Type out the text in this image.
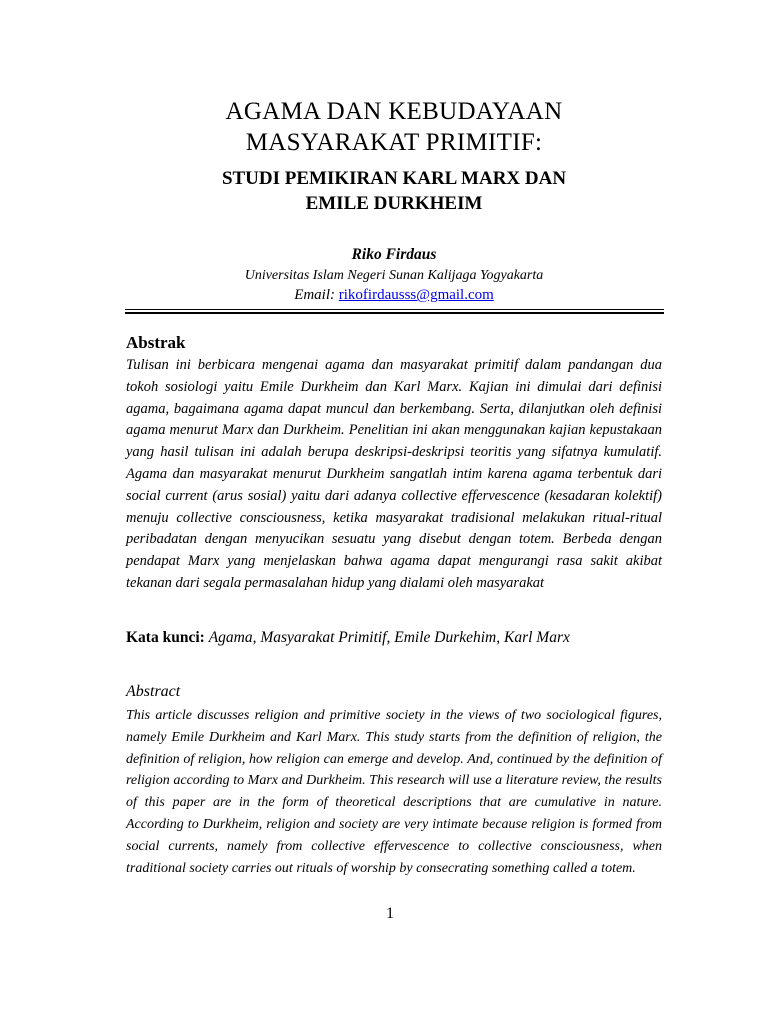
AGAMA DAN KEBUDAYAAN
MASYARAKAT PRIMITIF:
STUDI PEMIKIRAN KARL MARX DAN
EMILE DURKHEIM
Riko Firdaus
Universitas Islam Negeri Sunan Kalijaga Yogyakarta
Email: rikofirdausss@gmail.com
Abstrak

Tulisan ini berbicara mengenai agama dan masyarakat primitif dalam pandangan dua tokoh sosiologi yaitu Emile Durkheim dan Karl Marx. Kajian ini dimulai dari definisi agama, bagaimana agama dapat muncul dan berkembang. Serta, dilanjutkan oleh definisi agama menurut Marx dan Durkheim. Penelitian ini akan menggunakan kajian kepustakaan yang hasil tulisan ini adalah berupa deskripsi-deskripsi teoritis yang sifatnya kumulatif. Agama dan masyarakat menurut Durkheim sangatlah intim karena agama terbentuk dari social current (arus sosial) yaitu dari adanya collective effervescence (kesadaran kolektif) menuju collective consciousness, ketika masyarakat tradisional melakukan ritual-ritual peribadatan dengan menyucikan sesuatu yang disebut dengan totem. Berbeda dengan pendapat Marx yang menjelaskan bahwa agama dapat mengurangi rasa sakit akibat tekanan dari segala permasalahan hidup yang dialami oleh masyarakat

Kata kunci: Agama, Masyarakat Primitif, Emile Durkehim, Karl Marx
Abstract

This article discusses religion and primitive society in the views of two sociological figures, namely Emile Durkheim and Karl Marx. This study starts from the definition of religion, the definition of religion, how religion can emerge and develop. And, continued by the definition of religion according to Marx and Durkheim. This research will use a literature review, the results of this paper are in the form of theoretical descriptions that are cumulative in nature. According to Durkheim, religion and society are very intimate because religion is formed from social currents, namely from collective effervescence to collective consciousness, when traditional society carries out rituals of worship by consecrating something called a totem.

1
